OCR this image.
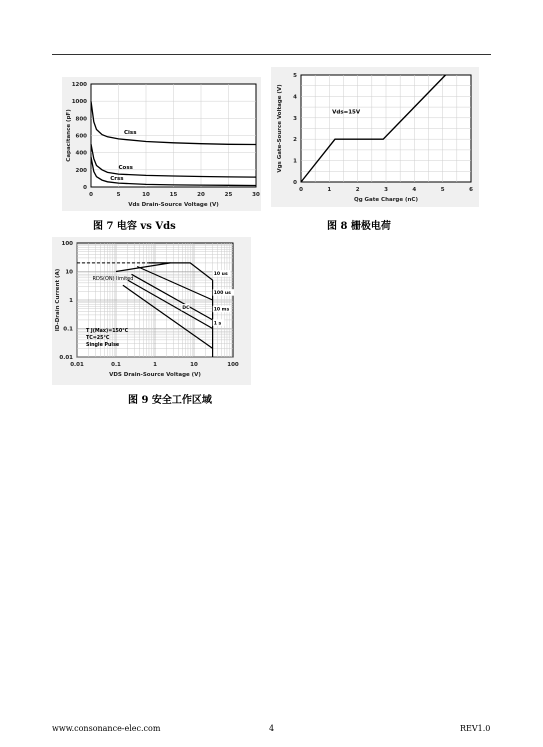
0	5	10	15	20	25	30
0
200
400
600
800
1000
1200
Vds Drain-Source Voltage (V)
Capacitance (pF)	Ciss
Coss
Crss
图 7 电容 vs Vds
0	1	2	3	4	5	6
0
1
2
3
4
5
Qg Gate Charge (nC)
Vgs Gate-Source Voltage (V)	Vds=15V
图 8 栅极电荷
0.01	0.1	1	10	100
0.01
0.1
1
10
100
VDS Drain-Source Voltage (V)
ID-Drain Current (A)	10 us
100 us
10 ms
1 s
DC
RDS(ON) limited
T J(Max)=150°C
TC=25°C
Single Pulse
图 9 安全工作区域
www.consonance-elec.com	4	REV1.0
